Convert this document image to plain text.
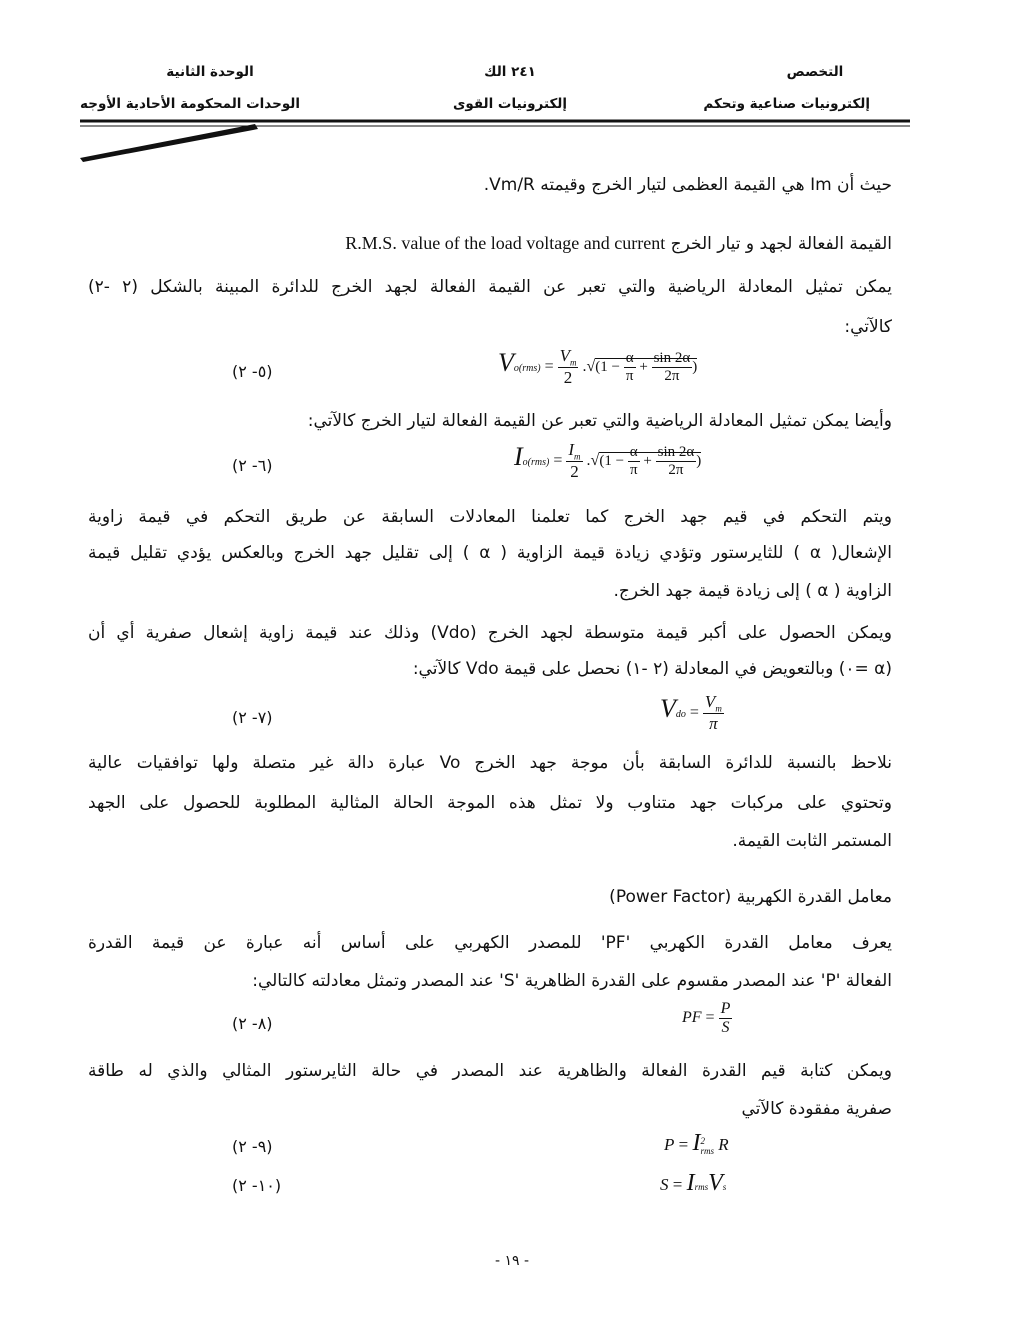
التخصص
إلكترونيات صناعية وتحكم
٢٤١ الك
إلكترونيات القوى
الوحدة الثانية
الوحدات المحكومة الأحادية الأوجه
حيث أن Im هي القيمة العظمى لتيار الخرج وقيمته Vm/R.
القيمة الفعالة لجهد و تيار الخرج R.M.S. value of the load voltage and current
يمكن تمثيل المعادلة الرياضية والتي تعبر عن القيمة الفعالة لجهد الخرج للدائرة المبينة بالشكل (٢ -٢)
كالآتي:
(٥- ٢)	$Vo(rms) = \frac{V_m}{2} .√(1 - \frac{\alpha}{\pi} + \frac{\sin 2\alpha}{2\pi}$ )
وأيضا يمكن تمثيل المعادلة الرياضية والتي تعبر عن القيمة الفعالة لتيار الخرج كالآتي:
(٦- ٢)	$Io(rms) = \frac{I_m}{2} .√(1 - \frac{\alpha}{\pi} + \frac{\sin 2\alpha}{2\pi}$ )
ويتم التحكم في قيم جهد الخرج كما تعلمنا المعادلات السابقة عن طريق التحكم في قيمة زاوية
الإشعال( α ) للثايرستور وتؤدي زيادة قيمة الزاوية ( α ) إلى تقليل جهد الخرج وبالعكس يؤدي تقليل قيمة
الزاوية ( α ) إلى زيادة قيمة جهد الخرج.
ويمكن الحصول على أكبر قيمة متوسطة لجهد الخرج (Vdo) وذلك عند قيمة زاوية إشعال صفرية أي أن
(α =٠) وبالتعويض في المعادلة (٢ -١) نحصل على قيمة Vdo كالآتي:
(٧- ٢)	Vdo = $\frac{V_m}{\pi}$
نلاحظ بالنسبة للدائرة السابقة بأن موجة جهد الخرج Vo عبارة دالة غير متصلة ولها توافقيات عالية
وتحتوي على مركبات جهد متناوب ولا تمثل هذه الموجة الحالة المثالية المطلوبة للحصول على الجهد
المستمر الثابت القيمة.
معامل القدرة الكهربية (Power Factor)
يعرف معامل القدرة الكهربي 'PF' للمصدر الكهربي على أساس أنه عبارة عن قيمة القدرة
الفعالة 'P' عند المصدر مقسوم على القدرة الظاهرية 'S' عند المصدر وتمثل معادلته كالتالي:
(٨- ٢)	PF = $\frac{P}{S}$
ويمكن كتابة قيم القدرة الفعالة والظاهرية عند المصدر في حالة الثايرستور المثالي والذي له طاقة
صفرية مفقودة كالآتي
(٩- ٢)	P = I2
rms R
(١٠- ٢)	S = IrmsVs
- ١٩ -
